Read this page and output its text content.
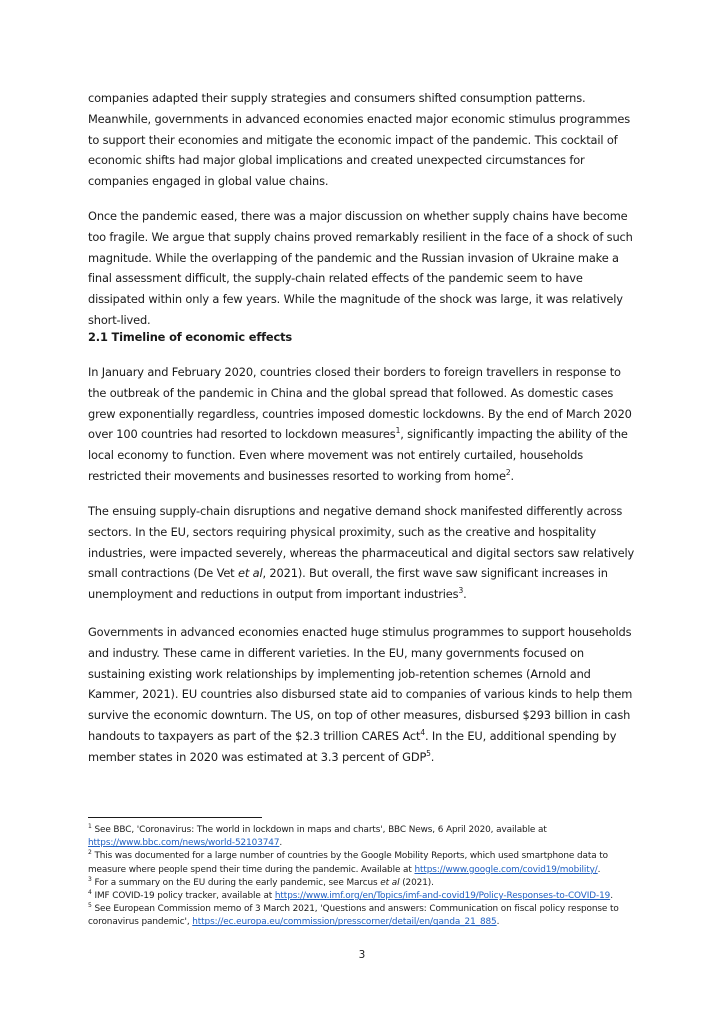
companies adapted their supply strategies and consumers shifted consumption patterns. Meanwhile, governments in advanced economies enacted major economic stimulus programmes to support their economies and mitigate the economic impact of the pandemic. This cocktail of economic shifts had major global implications and created unexpected circumstances for companies engaged in global value chains.

Once the pandemic eased, there was a major discussion on whether supply chains have become too fragile. We argue that supply chains proved remarkably resilient in the face of a shock of such magnitude. While the overlapping of the pandemic and the Russian invasion of Ukraine make a final assessment difficult, the supply-chain related effects of the pandemic seem to have dissipated within only a few years. While the magnitude of the shock was large, it was relatively short-lived.

2.1 Timeline of economic effects

In January and February 2020, countries closed their borders to foreign travellers in response to the outbreak of the pandemic in China and the global spread that followed. As domestic cases grew exponentially regardless, countries imposed domestic lockdowns. By the end of March 2020 over 100 countries had resorted to lockdown measures$^1$, significantly impacting the ability of the local economy to function. Even where movement was not entirely curtailed, households restricted their movements and businesses resorted to working from home$^2$.

The ensuing supply-chain disruptions and negative demand shock manifested differently across sectors. In the EU, sectors requiring physical proximity, such as the creative and hospitality industries, were impacted severely, whereas the pharmaceutical and digital sectors saw relatively small contractions (De Vet et al, 2021). But overall, the first wave saw significant increases in unemployment and reductions in output from important industries$^3$.

Governments in advanced economies enacted huge stimulus programmes to support households and industry. These came in different varieties. In the EU, many governments focused on sustaining existing work relationships by implementing job-retention schemes (Arnold and Kammer, 2021). EU countries also disbursed state aid to companies of various kinds to help them survive the economic downturn. The US, on top of other measures, disbursed $293 billion in cash handouts to taxpayers as part of the $2.3 trillion CARES Act$^4$. In the EU, additional spending by member states in 2020 was estimated at 3.3 percent of GDP$^5$.

$^1$ See BBC, 'Coronavirus: The world in lockdown in maps and charts', BBC News, 6 April 2020, available at https://www.bbc.com/news/world-52103747.

$^2$ This was documented for a large number of countries by the Google Mobility Reports, which used smartphone data to measure where people spend their time during the pandemic. Available at https://www.google.com/covid19/mobility/.

$^3$ For a summary on the EU during the early pandemic, see Marcus et al (2021).

$^4$ IMF COVID-19 policy tracker, available at https://www.imf.org/en/Topics/imf-and-covid19/Policy-Responses-to-COVID-19.

$^5$ See European Commission memo of 3 March 2021, 'Questions and answers: Communication on fiscal policy response to coronavirus pandemic', https://ec.europa.eu/commission/presscorner/detail/en/qanda_21_885.

3
